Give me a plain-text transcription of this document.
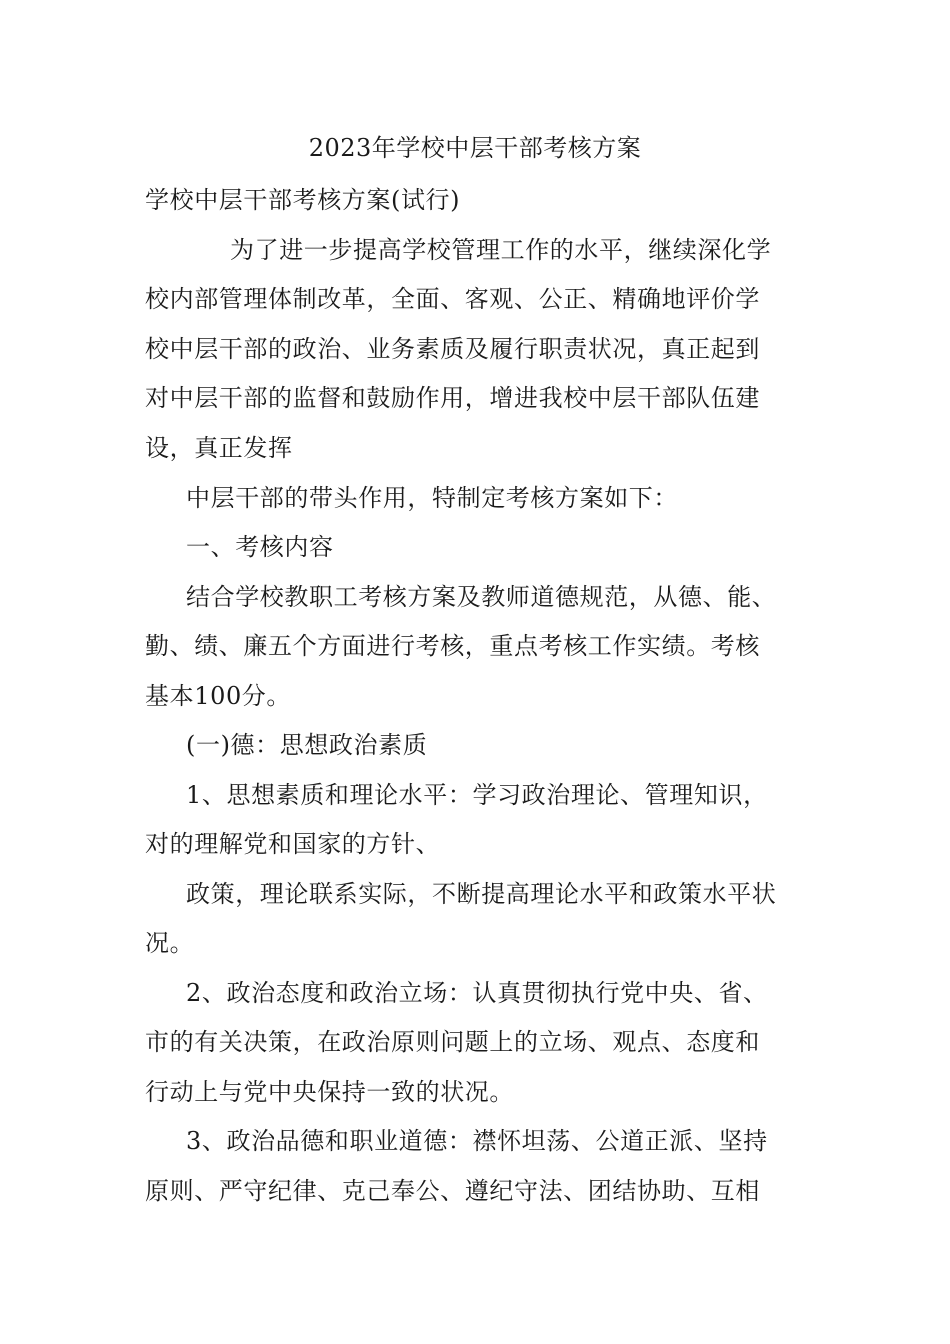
2023年学校中层干部考核方案
学校中层干部考核方案(试行)
为了进一步提高学校管理工作的水平，继续深化学
校内部管理体制改革，全面、客观、公正、精确地评价学
校中层干部的政治、业务素质及履行职责状况，真正起到
对中层干部的监督和鼓励作用，增进我校中层干部队伍建
设，真正发挥
中层干部的带头作用，特制定考核方案如下：
一、考核内容
结合学校教职工考核方案及教师道德规范，从德、能、
勤、绩、廉五个方面进行考核，重点考核工作实绩。考核
基本100分。
(一)德：思想政治素质
1、思想素质和理论水平：学习政治理论、管理知识，
对的理解党和国家的方针、
政策，理论联系实际，不断提高理论水平和政策水平状
况。
2、政治态度和政治立场：认真贯彻执行党中央、省、
市的有关决策，在政治原则问题上的立场、观点、态度和
行动上与党中央保持一致的状况。
3、政治品德和职业道德：襟怀坦荡、公道正派、坚持
原则、严守纪律、克己奉公、遵纪守法、团结协助、互相
